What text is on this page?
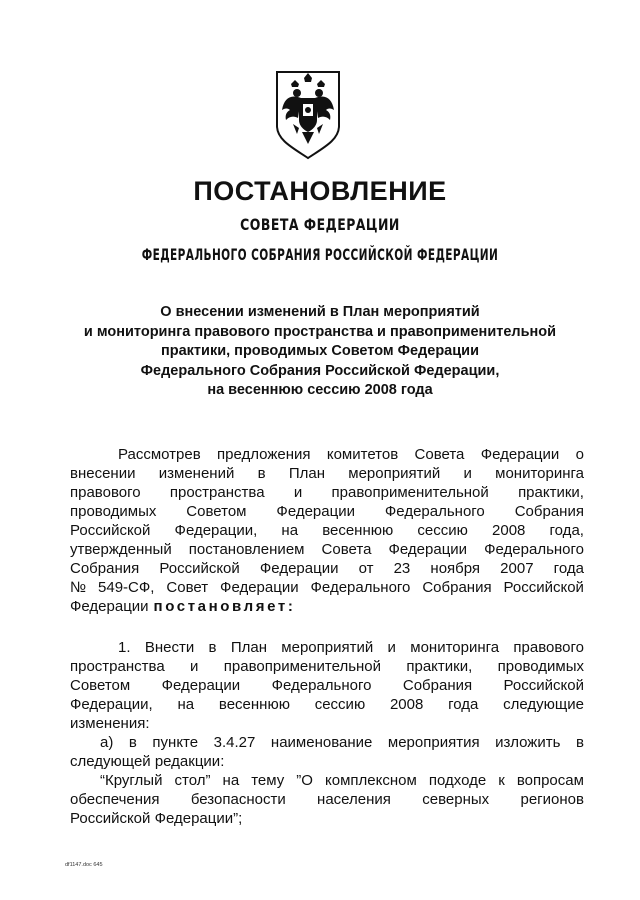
ПОСТАНОВЛЕНИЕ
СОВЕТА ФЕДЕРАЦИИ
ФЕДЕРАЛЬНОГО СОБРАНИЯ РОССИЙСКОЙ ФЕДЕРАЦИИ
О внесении изменений в План мероприятий
и мониторинга правового пространства и правоприменительной
практики, проводимых Советом Федерации
Федерального Собрания Российской Федерации,
на весеннюю сессию 2008 года
Рассмотрев предложения комитетов Совета Федерации о
внесении изменений в План мероприятий и мониторинга
правового пространства и правоприменительной практики,
проводимых Советом Федерации Федерального Собрания
Российской Федерации, на весеннюю сессию 2008 года,
утвержденный постановлением Совета Федерации Федерального
Собрания Российской Федерации от 23 ноября 2007 года
№ 549-СФ, Совет Федерации Федерального Собрания Российской
Федерации постановляет:
1. Внести в План мероприятий и мониторинга правового
пространства и правоприменительной практики, проводимых
Советом Федерации Федерального Собрания Российской
Федерации, на весеннюю сессию 2008 года следующие
изменения:
а) в пункте 3.4.27 наименование мероприятия изложить в
следующей редакции:
“Круглый стол” на тему ”О комплексном подходе к вопросам
обеспечения безопасности населения северных регионов
Российской Федерации”;
df1147.doc 645
